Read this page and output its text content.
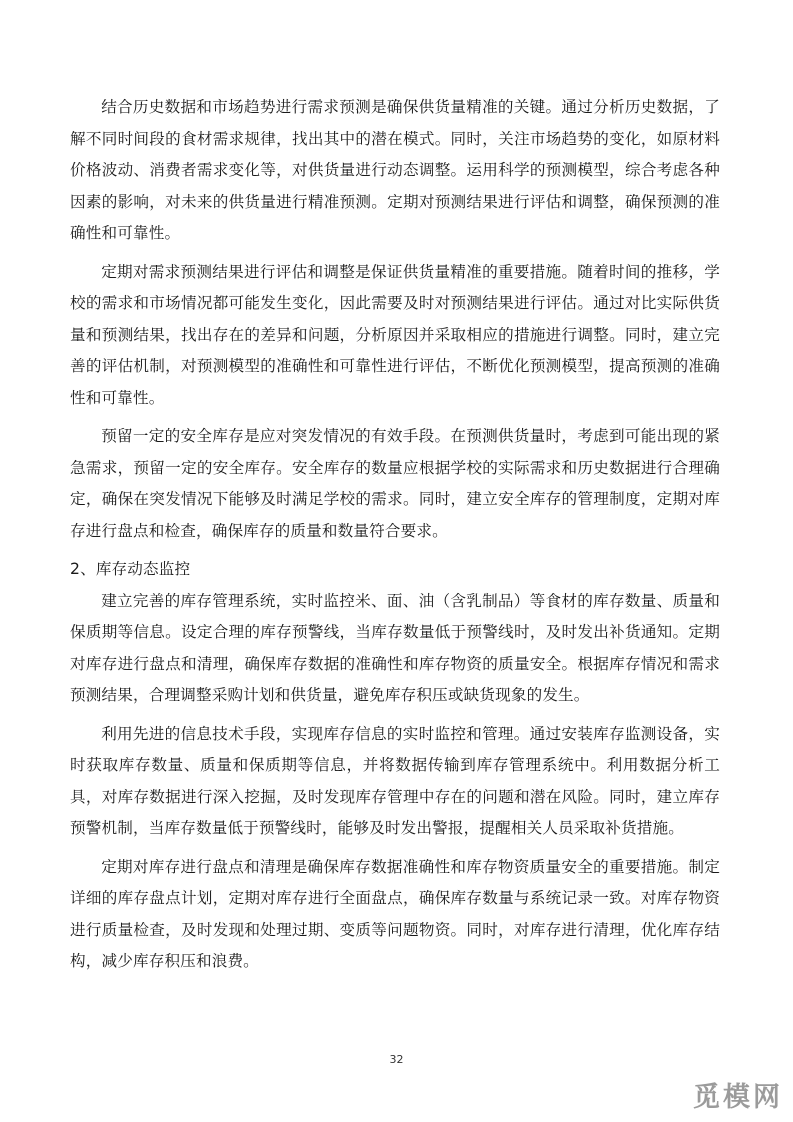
结合历史数据和市场趋势进行需求预测是确保供货量精准的关键。通过分析历史数据，了解不同时间段的食材需求规律，找出其中的潜在模式。同时，关注市场趋势的变化，如原材料价格波动、消费者需求变化等，对供货量进行动态调整。运用科学的预测模型，综合考虑各种因素的影响，对未来的供货量进行精准预测。定期对预测结果进行评估和调整，确保预测的准确性和可靠性。

定期对需求预测结果进行评估和调整是保证供货量精准的重要措施。随着时间的推移，学校的需求和市场情况都可能发生变化，因此需要及时对预测结果进行评估。通过对比实际供货量和预测结果，找出存在的差异和问题，分析原因并采取相应的措施进行调整。同时，建立完善的评估机制，对预测模型的准确性和可靠性进行评估，不断优化预测模型，提高预测的准确性和可靠性。

预留一定的安全库存是应对突发情况的有效手段。在预测供货量时，考虑到可能出现的紧急需求，预留一定的安全库存。安全库存的数量应根据学校的实际需求和历史数据进行合理确定，确保在突发情况下能够及时满足学校的需求。同时，建立安全库存的管理制度，定期对库存进行盘点和检查，确保库存的质量和数量符合要求。

2、库存动态监控

建立完善的库存管理系统，实时监控米、面、油（含乳制品）等食材的库存数量、质量和保质期等信息。设定合理的库存预警线，当库存数量低于预警线时，及时发出补货通知。定期对库存进行盘点和清理，确保库存数据的准确性和库存物资的质量安全。根据库存情况和需求预测结果，合理调整采购计划和供货量，避免库存积压或缺货现象的发生。

利用先进的信息技术手段，实现库存信息的实时监控和管理。通过安装库存监测设备，实时获取库存数量、质量和保质期等信息，并将数据传输到库存管理系统中。利用数据分析工具，对库存数据进行深入挖掘，及时发现库存管理中存在的问题和潜在风险。同时，建立库存预警机制，当库存数量低于预警线时，能够及时发出警报，提醒相关人员采取补货措施。

定期对库存进行盘点和清理是确保库存数据准确性和库存物资质量安全的重要措施。制定详细的库存盘点计划，定期对库存进行全面盘点，确保库存数量与系统记录一致。对库存物资进行质量检查，及时发现和处理过期、变质等问题物资。同时，对库存进行清理，优化库存结构，减少库存积压和浪费。

32
觅模网
